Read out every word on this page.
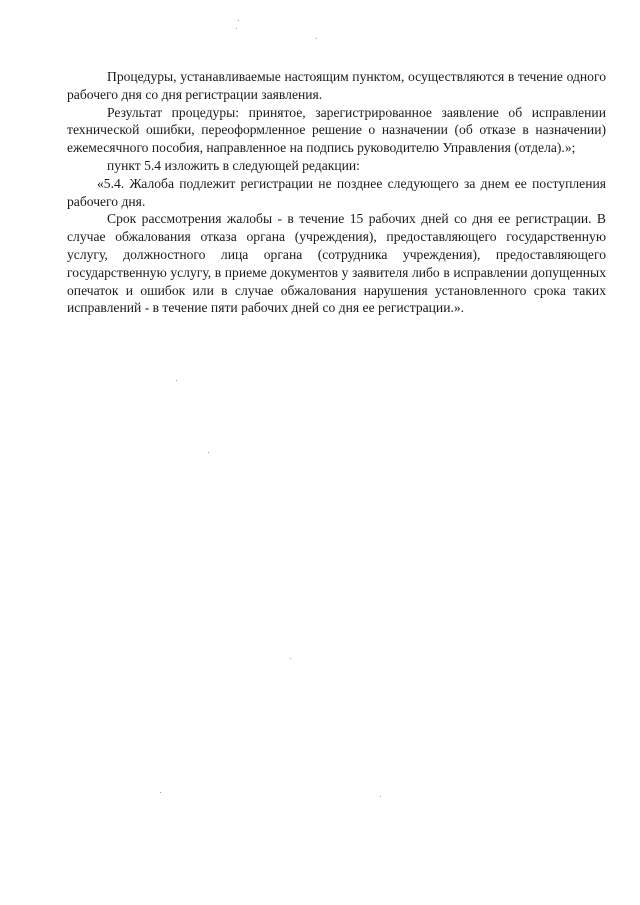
Процедуры, устанавливаемые настоящим пунктом, осуществляются в течение одного рабочего дня со дня регистрации заявления.

Результат процедуры: принятое, зарегистрированное заявление об исправлении технической ошибки, переоформленное решение о назначении (об отказе в назначении) ежемесячного пособия, направленное на подпись руководителю Управления (отдела).»;

пункт 5.4 изложить в следующей редакции:

«5.4. Жалоба подлежит регистрации не позднее следующего за днем ее поступления рабочего дня.

Срок рассмотрения жалобы - в течение 15 рабочих дней со дня ее регистрации. В случае обжалования отказа органа (учреждения), предоставляющего государственную услугу, должностного лица органа (сотрудника учреждения), предоставляющего государственную услугу, в приеме документов у заявителя либо в исправлении допущенных опечаток и ошибок или в случае обжалования нарушения установленного срока таких исправлений - в течение пяти рабочих дней со дня ее регистрации.».
